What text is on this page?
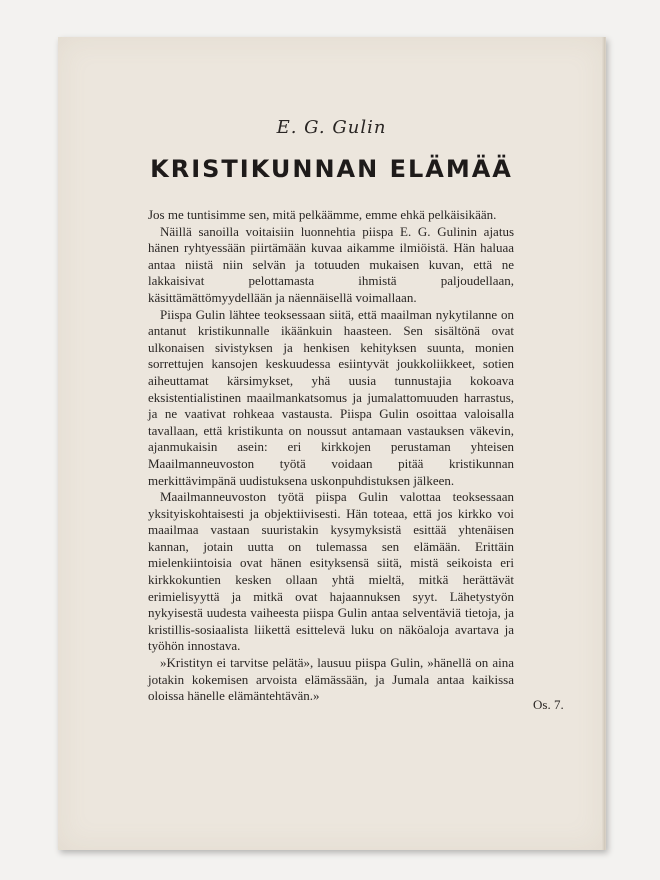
E. G. Gulin
KRISTIKUNNAN ELÄMÄÄ

Jos me tuntisimme sen, mitä pelkäämme, emme ehkä pelkäisikään.

Näillä sanoilla voitaisiin luonnehtia piispa E. G. Gulinin ajatus hänen ryhtyessään piirtämään kuvaa aikamme ilmiöistä. Hän haluaa antaa niistä niin selvän ja totuuden mukaisen kuvan, että ne lakkaisivat pelottamasta ihmistä paljoudellaan, käsittämättömyydellään ja näennäisellä voimallaan.

Piispa Gulin lähtee teoksessaan siitä, että maailman nykytilanne on antanut kristikunnalle ikäänkuin haasteen. Sen sisältönä ovat ulkonaisen sivistyksen ja henkisen kehityksen suunta, monien sorrettujen kansojen keskuudessa esiintyvät joukkoliikkeet, sotien aiheuttamat kärsimykset, yhä uusia tunnustajia kokoava eksistentialistinen maailmankatsomus ja jumalattomuuden harrastus, ja ne vaativat rohkeaa vastausta. Piispa Gulin osoittaa valoisalla tavallaan, että kristikunta on noussut antamaan vastauksen väkevin, ajanmukaisin asein: eri kirkkojen perustaman yhteisen Maailmanneuvoston työtä voidaan pitää kristikunnan merkittävimpänä uudistuksena uskonpuhdistuksen jälkeen.

Maailmanneuvoston työtä piispa Gulin valottaa teoksessaan yksityiskohtaisesti ja objektiivisesti. Hän toteaa, että jos kirkko voi maailmaa vastaan suuristakin kysymyksistä esittää yhtenäisen kannan, jotain uutta on tulemassa sen elämään. Erittäin mielenkiintoisia ovat hänen esityksensä siitä, mistä seikoista eri kirkkokuntien kesken ollaan yhtä mieltä, mitkä herättävät erimielisyyttä ja mitkä ovat hajaannuksen syyt. Lähetystyön nykyisestä uudesta vaiheesta piispa Gulin antaa selventäviä tietoja, ja kristillis-sosiaalista liikettä esittelevä luku on näköaloja avartava ja työhön innostava.

»Kristityn ei tarvitse pelätä», lausuu piispa Gulin, »hänellä on aina jotakin kokemisen arvoista elämässään, ja Jumala antaa kaikissa oloissa hänelle elämäntehtävän.»

Os. 7.
